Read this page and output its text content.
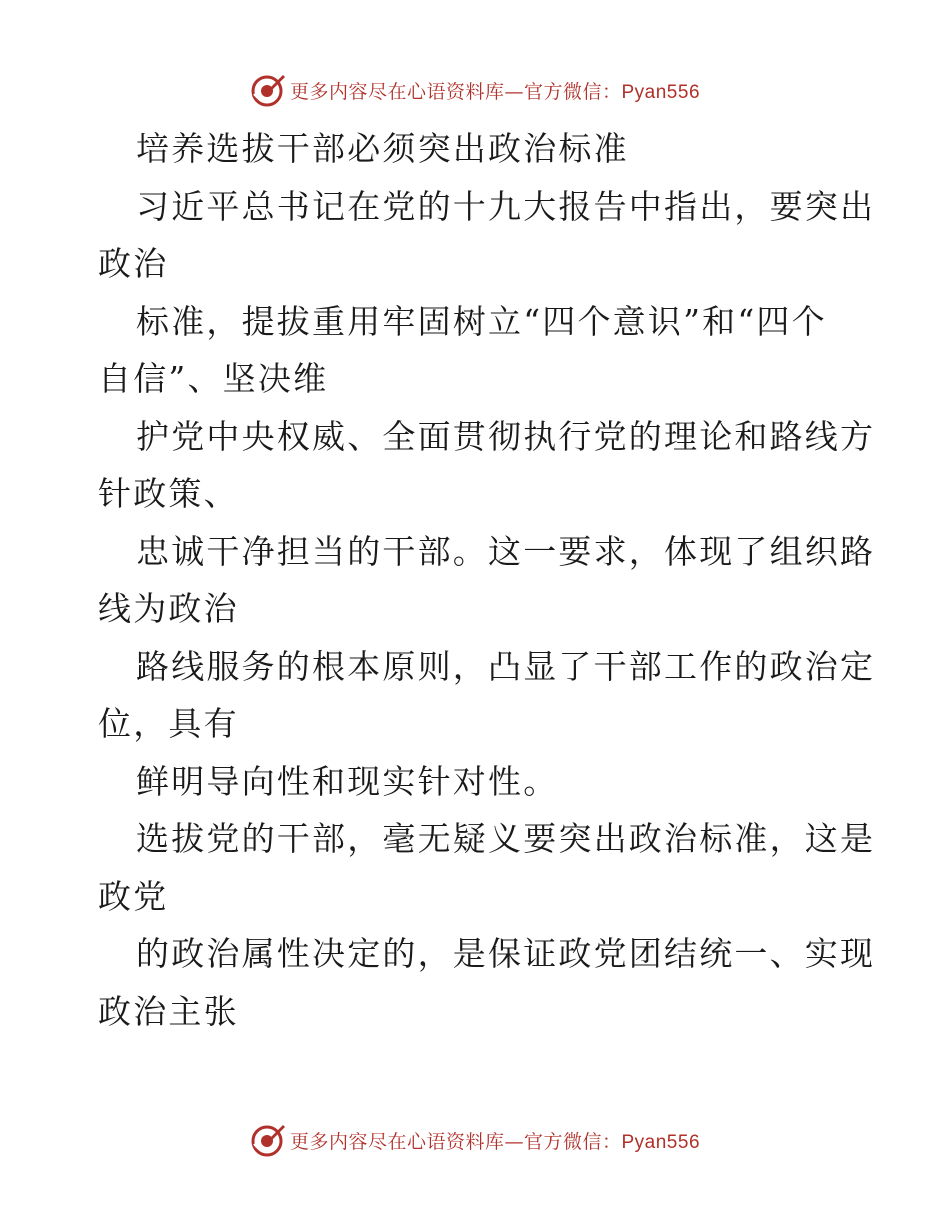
更多内容尽在心语资料库—官方微信：Pyan556
培养选拔干部必须突出政治标准
习近平总书记在党的十九大报告中指出，要突出
政治
标准，提拔重用牢固树立“四个意识”和“四个
自信”、坚决维
护党中央权威、全面贯彻执行党的理论和路线方
针政策、
忠诚干净担当的干部。这一要求，体现了组织路
线为政治
路线服务的根本原则，凸显了干部工作的政治定
位，具有
鲜明导向性和现实针对性。
选拔党的干部，毫无疑义要突出政治标准，这是
政党
的政治属性决定的，是保证政党团结统一、实现
政治主张
更多内容尽在心语资料库—官方微信：Pyan556
